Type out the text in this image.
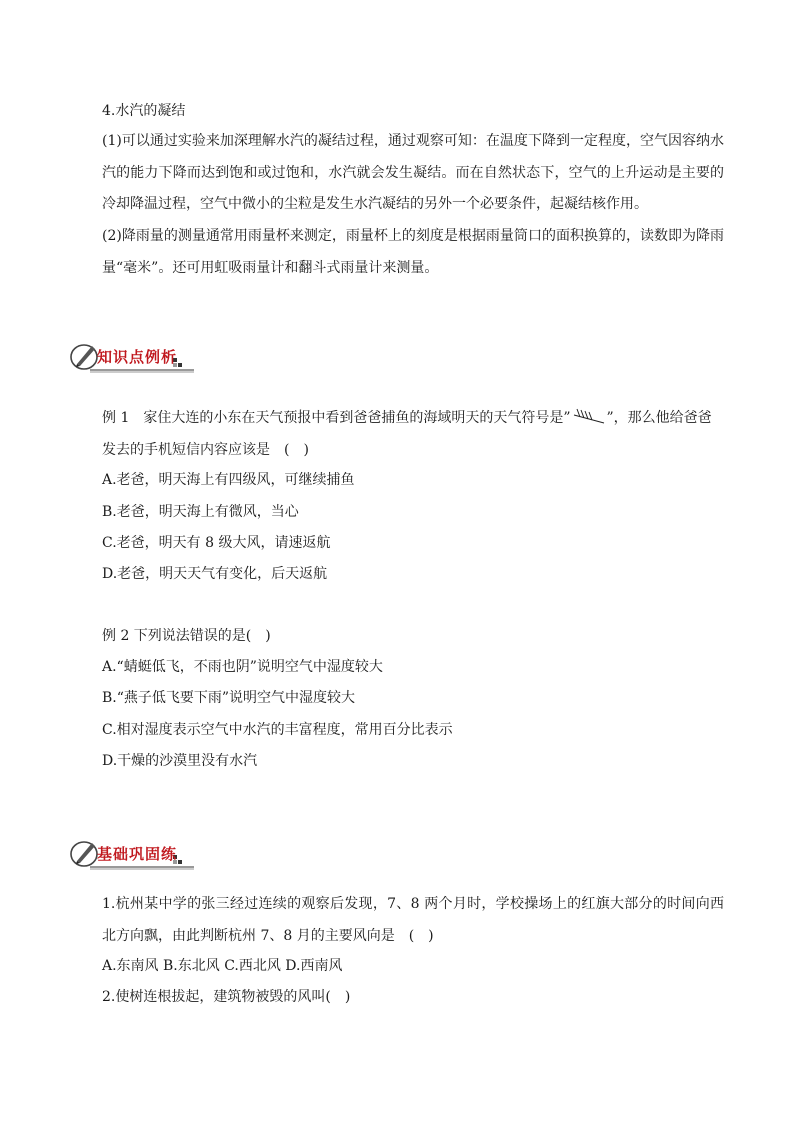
4.水汽的凝结
(1)可以通过实验来加深理解水汽的凝结过程，通过观察可知：在温度下降到一定程度，空气因容纳水汽的能力下降而达到饱和或过饱和，水汽就会发生凝结。而在自然状态下，空气的上升运动是主要的冷却降温过程，空气中微小的尘粒是发生水汽凝结的另外一个必要条件，起凝结核作用。
(2)降雨量的测量通常用雨量杯来测定，雨量杯上的刻度是根据雨量筒口的面积换算的，读数即为降雨量“毫米”。还可用虹吸雨量计和翻斗式雨量计来测量。
知识点例析
例 1　家住大连的小东在天气预报中看到爸爸捕鱼的海域明天的天气符号是”	”，那么他给爸爸
发去的手机短信内容应该是　(　)
A.老爸，明天海上有四级风，可继续捕鱼
B.老爸，明天海上有微风，当心
C.老爸，明天有 8 级大风，请速返航
D.老爸，明天天气有变化，后天返航
例 2 下列说法错误的是(　)
A.“蜻蜓低飞，不雨也阴”说明空气中湿度较大
B.“燕子低飞要下雨”说明空气中湿度较大
C.相对湿度表示空气中水汽的丰富程度，常用百分比表示
D.干燥的沙漠里没有水汽
基础巩固练
1.杭州某中学的张三经过连续的观察后发现，7、8 两个月时，学校操场上的红旗大部分的时间向西北方向飘，由此判断杭州 7、8 月的主要风向是　(　)
A.东南风 B.东北风 C.西北风 D.西南风
2.使树连根拔起，建筑物被毁的风叫(　)
